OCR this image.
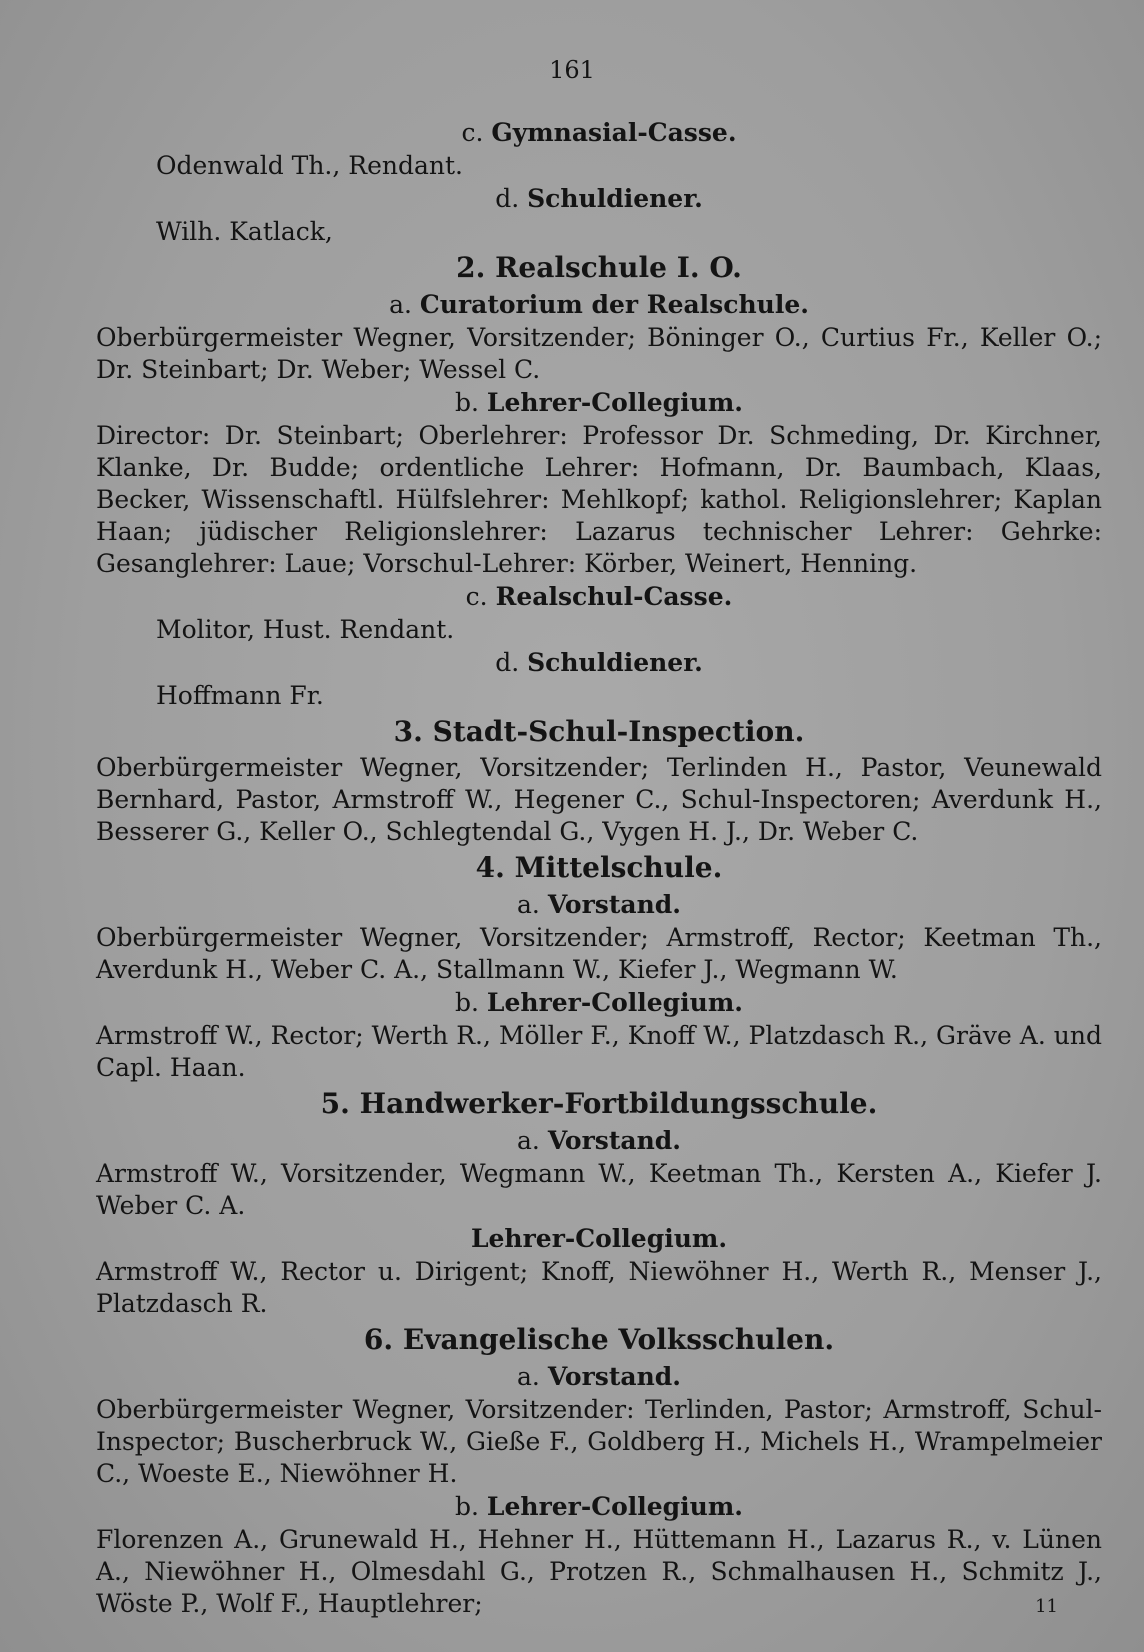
161
c. Gymnasial-Casse.
Odenwald Th., Rendant.
d. Schuldiener.
Wilh. Katlack,
2. Realschule I. O.
a. Curatorium der Realschule.

Oberbürgermeister Wegner, Vorsitzender; Böninger O., Curtius Fr., Keller O.; Dr. Steinbart; Dr. Weber; Wessel C.

b. Lehrer-Collegium.

Director: Dr. Steinbart; Oberlehrer: Professor Dr. Schmeding, Dr. Kirchner, Klanke, Dr. Budde; ordentliche Lehrer: Hofmann, Dr. Baumbach, Klaas, Becker, Wissenschaftl. Hülfslehrer: Mehlkopf; kathol. Religionslehrer; Kaplan Haan; jüdischer Religionslehrer: Lazarus technischer Lehrer: Gehrke: Gesanglehrer: Laue; Vorschul-Lehrer: Körber, Weinert, Henning.

c. Realschul-Casse.
Molitor, Hust. Rendant.
d. Schuldiener.
Hoffmann Fr.
3. Stadt-Schul-Inspection.

Oberbürgermeister Wegner, Vorsitzender; Terlinden H., Pastor, Veunewald Bernhard, Pastor, Armstroff W., Hegener C., Schul-Inspectoren; Averdunk H., Besserer G., Keller O., Schlegtendal G., Vygen H. J., Dr. Weber C.

4. Mittelschule.
a. Vorstand.

Oberbürgermeister Wegner, Vorsitzender; Armstroff, Rector; Keetman Th., Averdunk H., Weber C. A., Stallmann W., Kiefer J., Wegmann W.

b. Lehrer-Collegium.

Armstroff W., Rector; Werth R., Möller F., Knoff W., Platzdasch R., Gräve A. und Capl. Haan.

5. Handwerker-Fortbildungsschule.
a. Vorstand.

Armstroff W., Vorsitzender, Wegmann W., Keetman Th., Kersten A., Kiefer J. Weber C. A.

Lehrer-Collegium.

Armstroff W., Rector u. Dirigent; Knoff, Niewöhner H., Werth R., Menser J., Platzdasch R.

6. Evangelische Volksschulen.
a. Vorstand.

Oberbürgermeister Wegner, Vorsitzender: Terlinden, Pastor; Armstroff, Schul-Inspector; Buscherbruck W., Gieße F., Goldberg H., Michels H., Wrampelmeier C., Woeste E., Niewöhner H.

b. Lehrer-Collegium.

Florenzen A., Grunewald H., Hehner H., Hüttemann H., Lazarus R., v. Lünen A., Niewöhner H., Olmesdahl G., Protzen R., Schmalhausen H., Schmitz J., Wöste P., Wolf F., Hauptlehrer;	11
